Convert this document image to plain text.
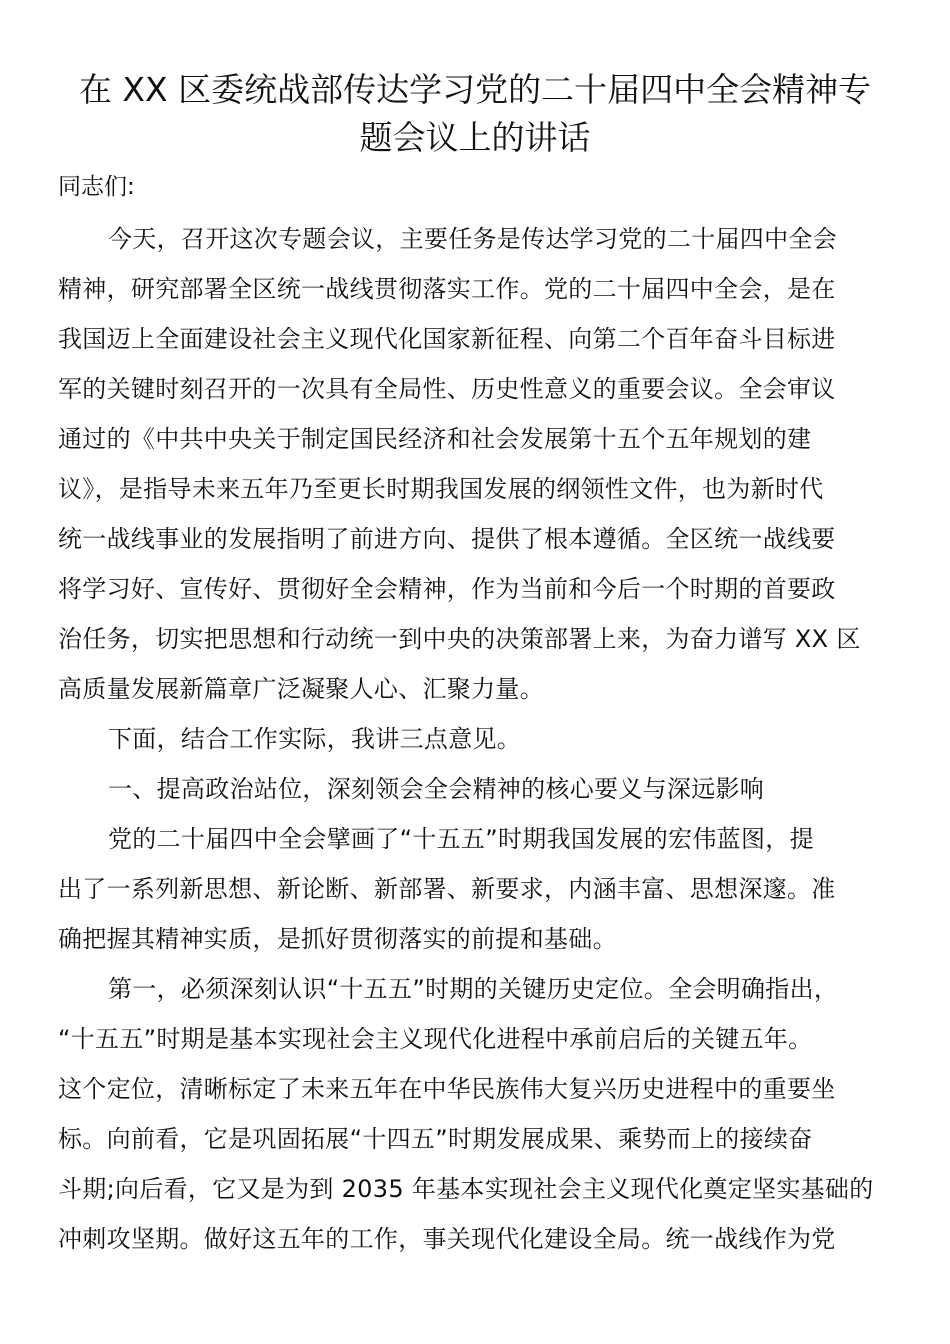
在 XX 区委统战部传达学习党的二十届四中全会精神专
题会议上的讲话

同志们:

今天，召开这次专题会议，主要任务是传达学习党的二十届四中全会
精神，研究部署全区统一战线贯彻落实工作。党的二十届四中全会，是在
我国迈上全面建设社会主义现代化国家新征程、向第二个百年奋斗目标进
军的关键时刻召开的一次具有全局性、历史性意义的重要会议。全会审议
通过的《中共中央关于制定国民经济和社会发展第十五个五年规划的建
议》，是指导未来五年乃至更长时期我国发展的纲领性文件，也为新时代
统一战线事业的发展指明了前进方向、提供了根本遵循。全区统一战线要
将学习好、宣传好、贯彻好全会精神，作为当前和今后一个时期的首要政
治任务，切实把思想和行动统一到中央的决策部署上来，为奋力谱写 XX 区
高质量发展新篇章广泛凝聚人心、汇聚力量。

下面，结合工作实际，我讲三点意见。

一、提高政治站位，深刻领会全会精神的核心要义与深远影响

党的二十届四中全会擘画了“十五五”时期我国发展的宏伟蓝图，提
出了一系列新思想、新论断、新部署、新要求，内涵丰富、思想深邃。准
确把握其精神实质，是抓好贯彻落实的前提和基础。

第一，必须深刻认识“十五五”时期的关键历史定位。全会明确指出，
“十五五”时期是基本实现社会主义现代化进程中承前启后的关键五年。
这个定位，清晰标定了未来五年在中华民族伟大复兴历史进程中的重要坐
标。向前看，它是巩固拓展“十四五”时期发展成果、乘势而上的接续奋
斗期;向后看，它又是为到 2035 年基本实现社会主义现代化奠定坚实基础的
冲刺攻坚期。做好这五年的工作，事关现代化建设全局。统一战线作为党
